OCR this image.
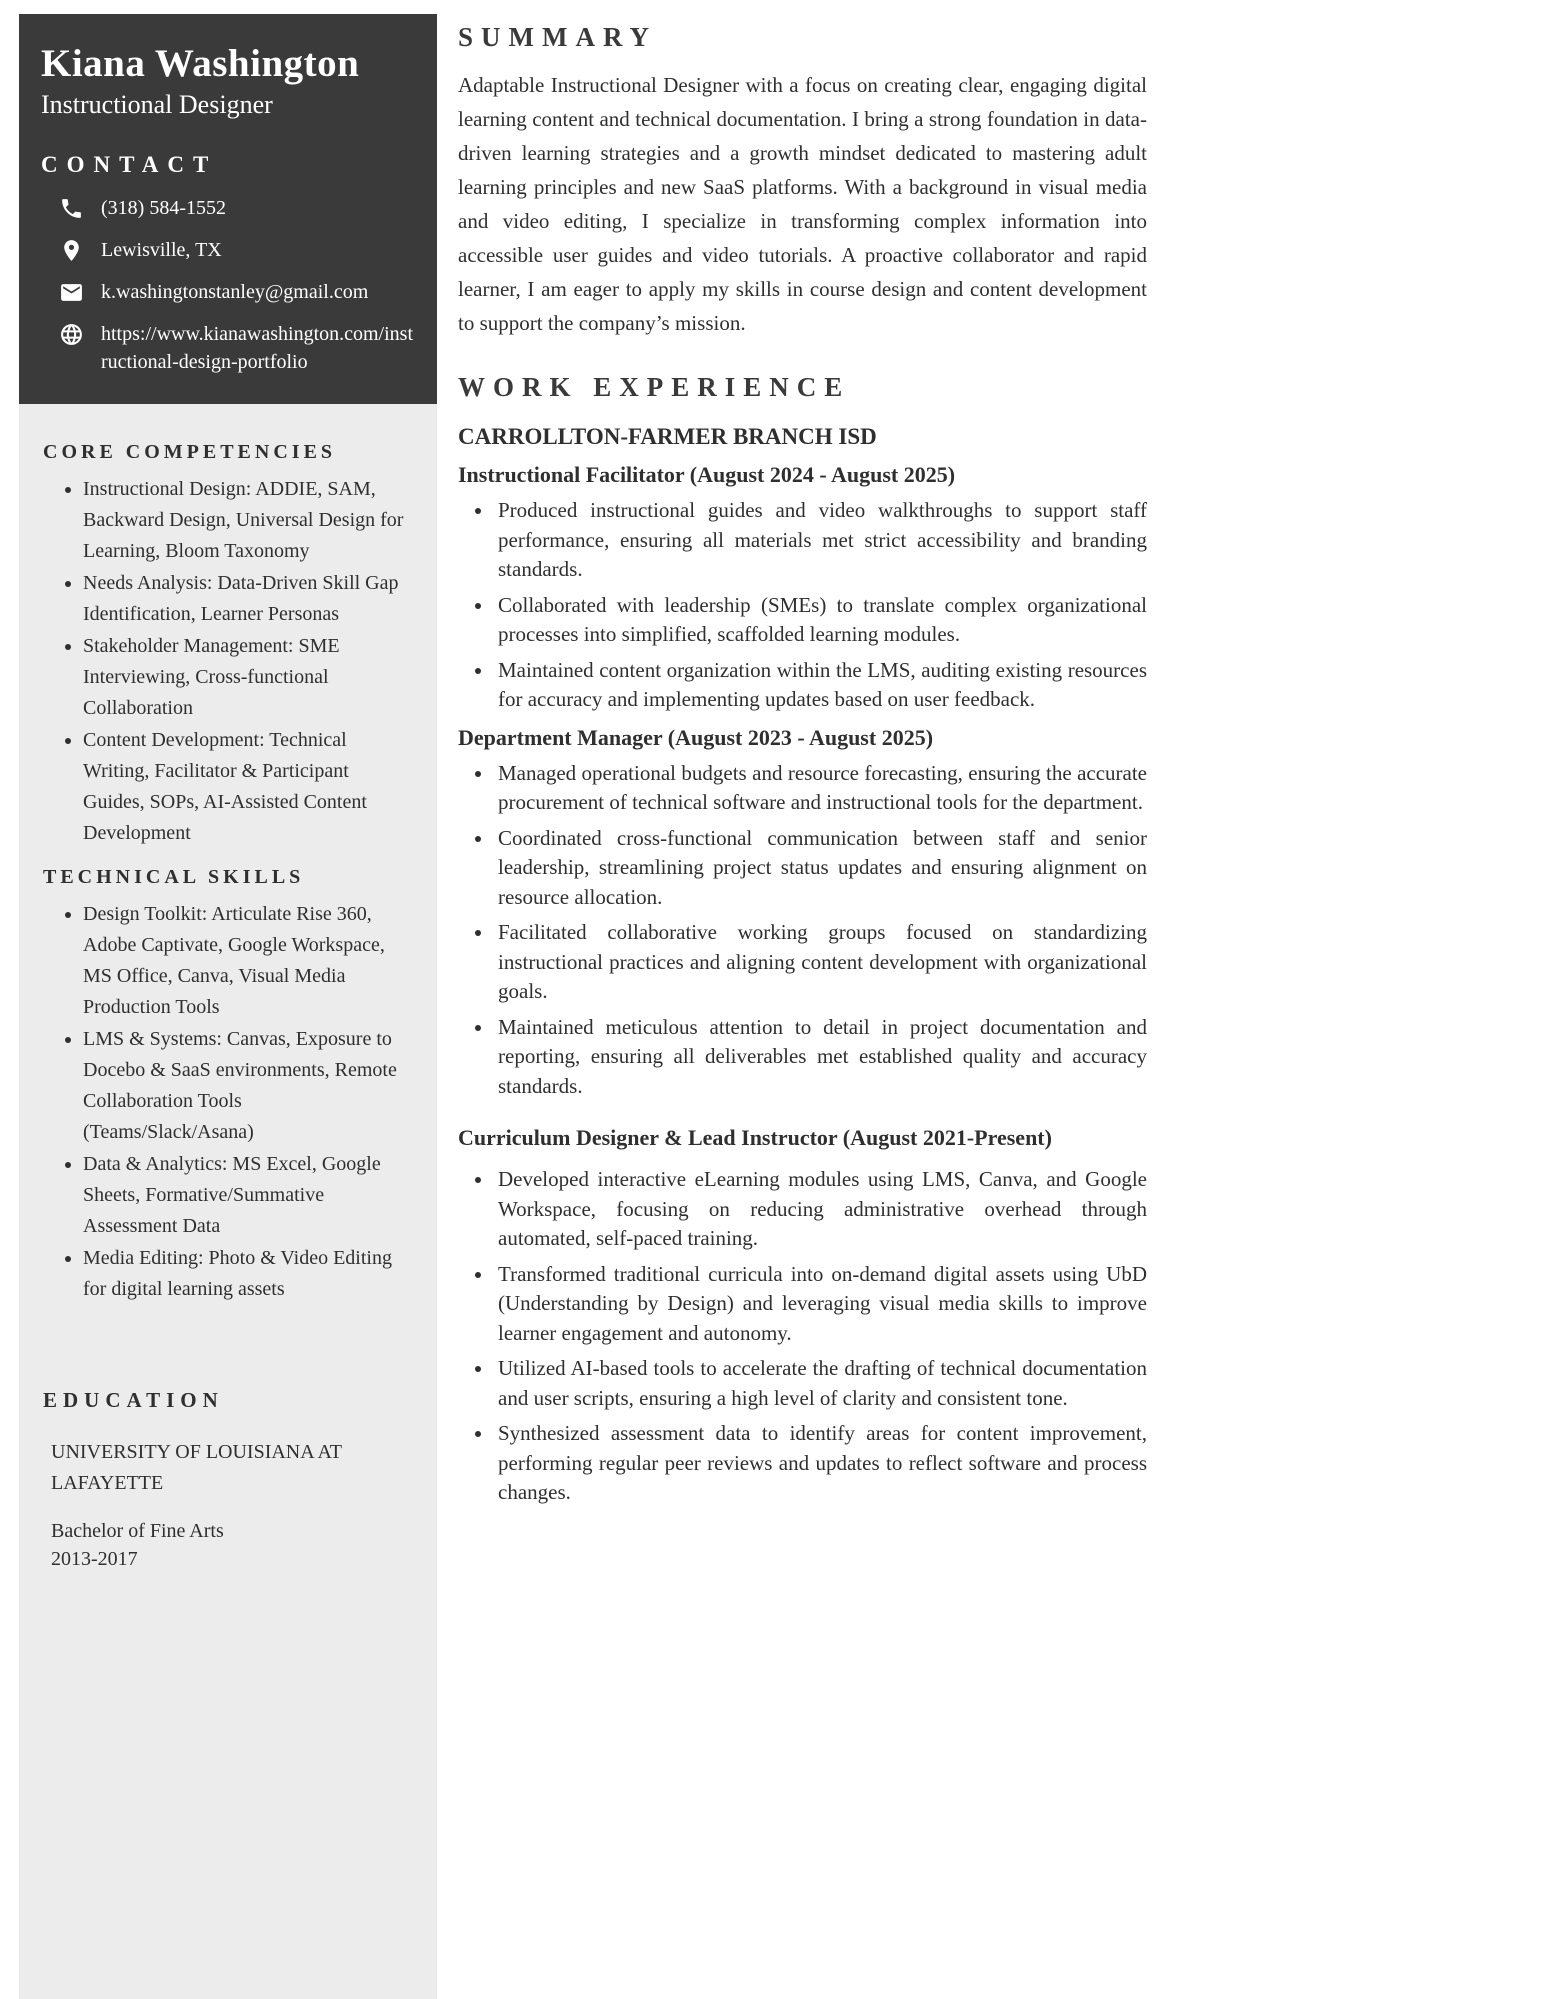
Kiana Washington
Instructional Designer
CONTACT
(318) 584-1552
Lewisville, TX
k.washingtonstanley@gmail.com
https://www.kianawashington.com/instructional-design-portfolio
CORE COMPETENCIES
• Instructional Design: ADDIE, SAM, Backward Design, Universal Design for Learning, Bloom Taxonomy
• Needs Analysis: Data-Driven Skill Gap Identification, Learner Personas
• Stakeholder Management: SME Interviewing, Cross-functional Collaboration
• Content Development: Technical Writing, Facilitator & Participant Guides, SOPs, AI-Assisted Content Development
TECHNICAL SKILLS
• Design Toolkit: Articulate Rise 360, Adobe Captivate, Google Workspace, MS Office, Canva, Visual Media Production Tools
• LMS & Systems: Canvas, Exposure to Docebo & SaaS environments, Remote Collaboration Tools (Teams/Slack/Asana)
• Data & Analytics: MS Excel, Google Sheets, Formative/Summative Assessment Data
• Media Editing: Photo & Video Editing for digital learning assets
EDUCATION
UNIVERSITY OF LOUISIANA AT LAFAYETTE
Bachelor of Fine Arts
2013-2017
SUMMARY

Adaptable Instructional Designer with a focus on creating clear, engaging digital learning content and technical documentation. I bring a strong foundation in data-driven learning strategies and a growth mindset dedicated to mastering adult learning principles and new SaaS platforms. With a background in visual media and video editing, I specialize in transforming complex information into accessible user guides and video tutorials. A proactive collaborator and rapid learner, I am eager to apply my skills in course design and content development to support the company’s mission.

WORK EXPERIENCE
CARROLLTON-FARMER BRANCH ISD
Instructional Facilitator (August 2024 - August 2025)
• Produced instructional guides and video walkthroughs to support staff performance, ensuring all materials met strict accessibility and branding standards.
• Collaborated with leadership (SMEs) to translate complex organizational processes into simplified, scaffolded learning modules.
• Maintained content organization within the LMS, auditing existing resources for accuracy and implementing updates based on user feedback.
Department Manager (August 2023 - August 2025)
• Managed operational budgets and resource forecasting, ensuring the accurate procurement of technical software and instructional tools for the department.
• Coordinated cross-functional communication between staff and senior leadership, streamlining project status updates and ensuring alignment on resource allocation.
• Facilitated collaborative working groups focused on standardizing instructional practices and aligning content development with organizational goals.
• Maintained meticulous attention to detail in project documentation and reporting, ensuring all deliverables met established quality and accuracy standards.
Curriculum Designer & Lead Instructor (August 2021-Present)
• Developed interactive eLearning modules using LMS, Canva, and Google Workspace, focusing on reducing administrative overhead through automated, self-paced training.
• Transformed traditional curricula into on-demand digital assets using UbD (Understanding by Design) and leveraging visual media skills to improve learner engagement and autonomy.
• Utilized AI-based tools to accelerate the drafting of technical documentation and user scripts, ensuring a high level of clarity and consistent tone.
• Synthesized assessment data to identify areas for content improvement, performing regular peer reviews and updates to reflect software and process changes.
